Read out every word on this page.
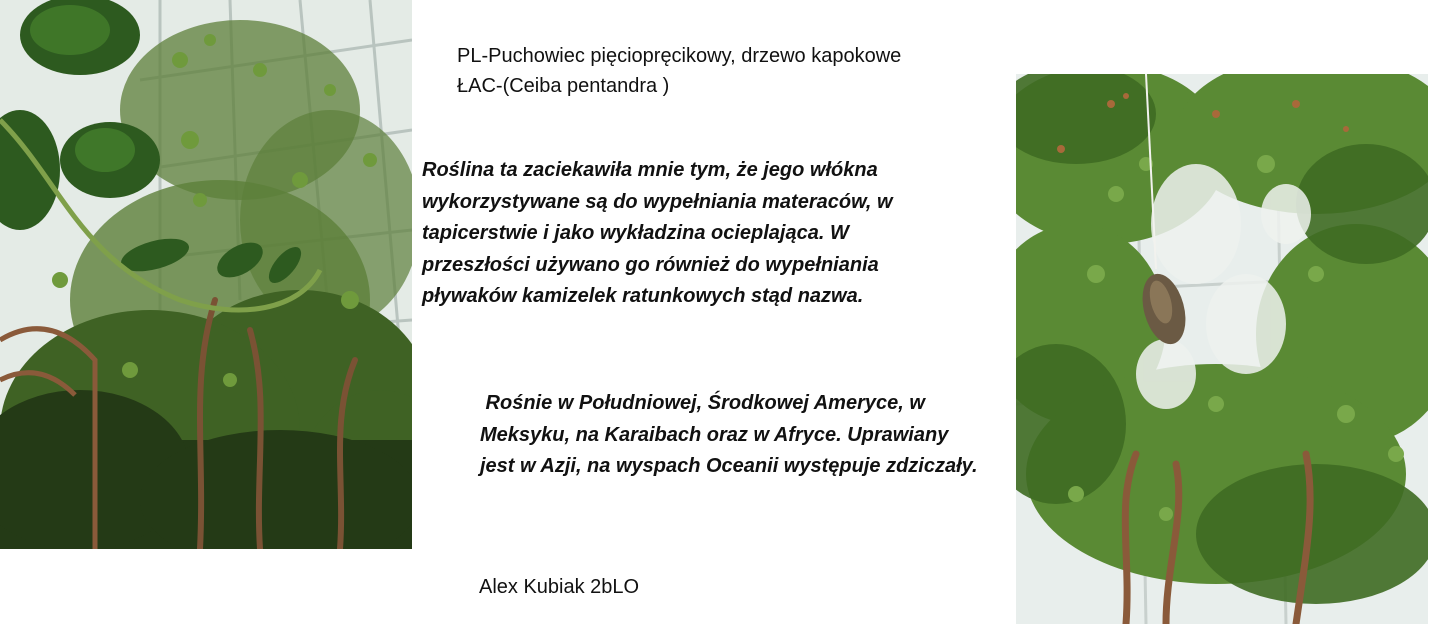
PL-Puchowiec pięciopręcikowy, drzewo kapokowe
ŁAC-(Ceiba pentandra )
Roślina ta zaciekawiła mnie tym, że jego włókna
wykorzystywane są do wypełniania materaców, w
tapicerstwie i jako wykładzina ocieplająca. W
przeszłości używano go również do wypełniania
pływaków kamizelek ratunkowych stąd nazwa.
Rośnie w Południowej, Środkowej Ameryce, w
Meksyku, na Karaibach oraz w Afryce. Uprawiany
jest w Azji, na wyspach Oceanii występuje zdziczały.
Alex Kubiak 2bLO
